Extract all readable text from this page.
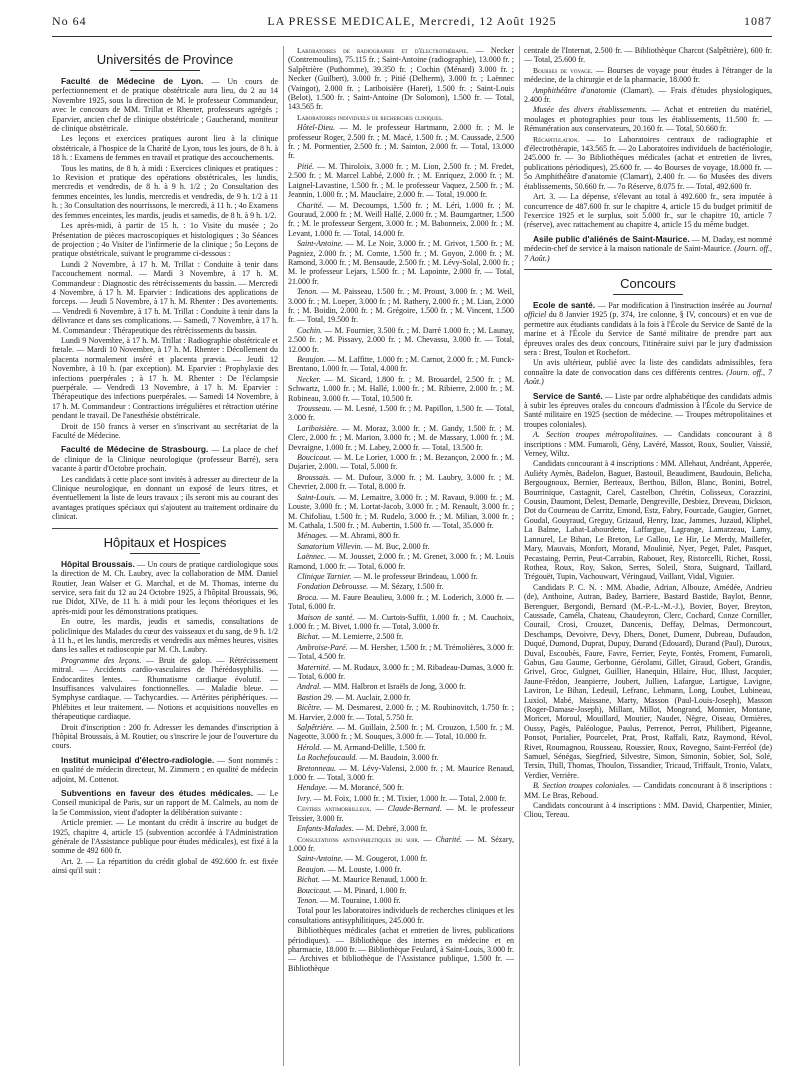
No 64	LA PRESSE MEDICALE, Mercredi, 12 Août 1925	1087
Universités de Province

Faculté de Médecine de Lyon. — Un cours de perfectionnement et de pratique obstétricale aura lieu, du 2 au 14 Novembre 1925, sous la direction de M. le professeur Commandeur, avec le concours de MM. Trillat et Rhenter, professeurs agrégés ; Eparvier, ancien chef de clinique obstétricale ; Gaucherand, moniteur de clinique obstétricale.

Les leçons et exercices pratiques auront lieu à la clinique obstétricale, à l'hospice de la Charité de Lyon, tous les jours, de 8 h. à 18 h. : Examens de femmes en travail et pratique des accouchements.

Tous les matins, de 8 h. à midi : Exercices cliniques et pratiques : 1o Revision et pratique des opérations obstétricales, les lundis, mercredis et vendredis, de 8 h. à 9 h. 1/2 ; 2o Consultation des femmes enceintes, les lundis, mercredis et vendredis, de 9 h. 1/2 à 11 h. ; 3o Consultation des nourrissons, le mercredi, à 11 h. ; 4o Examens des femmes enceintes, les mardis, jeudis et samedis, de 8 h. à 9 h. 1/2.

Les après-midi, à partir de 15 h. : 1o Visite du musée ; 2o Présentation de pièces macroscopiques et histologiques ; 3o Séances de projection ; 4o Visiter de l'infirmerie de la clinique ; 5o Leçons de pratique obstétricale, suivant le programme ci-dessous :

Lundi 2 Novembre, à 17 h. M. Trillat : Conduite à tenir dans l'accouchement normal. — Mardi 3 Novembre, à 17 h. M. Commandeur : Diagnostic des rétrécissements du bassin. — Mercredi 4 Novembre, à 17 h. M. Eparvier : Indications des applications de forceps. — Jeudi 5 Novembre, à 17 h. M. Rhenter : Des avortements. — Vendredi 6 Novembre, à 17 h. M. Trillat : Conduite à tenir dans la délivrance et dans ses complications. — Samedi, 7 Novembre, à 17 h. M. Commandeur : Thérapeutique des rétrécissements du bassin.

Lundi 9 Novembre, à 17 h. M. Trillat : Radiographie obstétricale et fœtale. — Mardi 10 Novembre, à 17 h. M. Rhenter : Décollement du placenta normalement inséré et placenta prævia. — Jeudi 12 Novembre, à 10 h. (par exception). M. Eparvier : Prophylaxie des infections puerpérales ; à 17 h. M. Rhenter : De l'éclampsie puerpérale. — Vendredi 13 Novembre, à 17 h. M. Eparvier : Thérapeutique des infections puerpérales. — Samedi 14 Novembre, à 17 h. M. Commandeur : Contractions irrégulières et rétraction utérine pendant le travail. De l'anesthésie obstétricale.

Droit de 150 francs à verser en s'inscrivant au secrétariat de la Faculté de Médecine.

Faculté de Médecine de Strasbourg. — La place de chef de clinique de la Clinique neurologique (professeur Barré), sera vacante à partir d'Octobre prochain.

Les candidats à cette place sont invités à adresser au directeur de la Clinique neurologique, en donnant un exposé de leurs titres, et éventuellement la liste de leurs travaux ; ils seront mis au courant des avantages pratiques spéciaux qui s'ajoutent au traitement ordinaire du clinicat.

Hôpitaux et Hospices

Hôpital Broussais. — Un cours de pratique cardiologique sous la direction de M. Ch. Laubry, avec la collaboration de MM. Daniel Routier, Jean Walser et G. Marchal, et de M. Thomas, interne du service, sera fait du 12 au 24 Octobre 1925, à l'hôpital Broussais, 96, rue Didot, XIVe, de 11 h. à midi pour les leçons théoriques et les après-midi pour les démonstrations pratiques.

En outre, les mardis, jeudis et samedis, consultations de policlinique des Malades du cœur des vaisseaux et du sang, de 9 h. 1/2 à 11 h., et les lundis, mercredis et vendredis aux mêmes heures, visites dans les salles et radioscopie par M. Ch. Laubry.

Programme des leçons. — Bruit de galop. — Rétrécissement mitral. — Accidents cardio-vasculaires de l'hérédosyphilis. — Endocardites lentes. — Rhumatisme cardiaque évolutif. — Insuffisances valvulaires fonctionnelles. — Maladie bleue. — Symphyse cardiaque. — Tachycardies. — Artérites périphériques. — Phlébites et leur traitement. — Notions et acquisitions nouvelles en thérapeutique cardiaque.

Droit d'inscription : 200 fr. Adresser les demandes d'inscription à l'hôpital Broussais, à M. Routier, ou s'inscrire le jour de l'ouverture du cours.

Institut municipal d'électro-radiologie. — Sont nommés : en qualité de médecin directeur, M. Zimmern ; en qualité de médecin adjoint, M. Cottenot.

Subventions en faveur des études médicales. — Le Conseil municipal de Paris, sur un rapport de M. Calmels, au nom de la 5e Commission, vient d'adopter la délibération suivante :

Article premier. — Le montant du crédit à inscrire au budget de 1925, chapitre 4, article 15 (subvention accordée à l'Administration générale de l'Assistance publique pour études médicales), est fixé à la somme de 492 600 fr.

Art. 2. — La répartition du crédit global de 492.600 fr. est fixée ainsi qu'il suit :

Laboratoires de radiographie et d'électrothérapie. — Necker (Contremoulins), 75.115 fr. ; Saint-Antoine (radiographie), 13.000 fr. ; Salpêtrière (Puthomme), 39.350 fr. ; Cochin (Ménard) 3.000 fr. ; Necker (Guilbert), 3.000 fr. ; Pitié (Delherm), 3.000 fr. ; Laënnec (Vaingot), 2.000 fr. ; Lariboisière (Haret), 1.500 fr. ; Saint-Louis (Belot), 1.500 fr. ; Saint-Antoine (Dr Solomon), 1.500 fr. — Total, 143.565 fr.

Laboratoires individuels de recherches cliniques.

Hôtel-Dieu. — M. le professeur Hartmann, 2.000 fr. ; M. le professeur Roger, 2.500 fr. ; M. Macé, 1.500 fr. ; M. Caussade, 2.500 fr. ; M. Pormentier, 2.500 fr. ; M. Sainton, 2.000 fr. — Total, 13.000 fr.

Pitié. — M. Thiroloix, 3.000 fr. ; M. Lion, 2.500 fr. ; M. Fredet, 2.500 fr. ; M. Marcel Labbé, 2.000 fr. ; M. Enriquez, 2.000 fr. ; M. Laignel-Lavastine, 1.500 fr. ; M. le professeur Vaquez, 2.500 fr. ; M. Jeannin, 1.000 fr. ; M. Mauclaire, 2.000 fr. — Total, 19.000 fr.

Charité. — M. Decoumps, 1.500 fr. ; M. Léri, 1.000 fr. ; M. Gouraud, 2.000 fr. ; M. Weill Hallé, 2.000 fr. ; M. Baumgartner, 1.500 fr. ; M. le professeur Sergent, 3.000 fr. ; M. Babonneix, 2.000 fr. ; M. Levant, 1.000 fr. — Total, 14.000 fr.

Saint-Antoine. — M. Le Noir, 3.000 fr. ; M. Grivot, 1.500 fr. ; M. Pagniez, 2.000 fr. ; M. Comte, 1.500 fr. ; M. Goyon, 2.000 fr. ; M. Ramond, 3.000 fr. ; M. Bensaude, 2.500 fr. ; M. Lévy-Solal, 2.000 fr. ; M. le professeur Lejars, 1.500 fr. ; M. Lapointe, 2.000 fr. — Total, 21.000 fr.

Tenon. — M. Paisseau, 1.500 fr. ; M. Proust, 3.000 fr. ; M. Weil, 3.000 fr. ; M. Loeper, 3.000 fr. ; M. Rathery, 2.000 fr. ; M. Lian, 2.000 fr. ; M. Boidin, 2.000 fr. ; M. Grégoire, 1.500 fr. ; M. Vincent, 1.500 fr. — Total, 19.500 fr.

Cochin. — M. Fournier, 3.500 fr. ; M. Darré 1.000 fr. ; M. Launay, 2.500 fr. ; M. Pissavy, 2.000 fr. ; M. Chevassu, 3.000 fr. — Total, 12.000 fr.

Beaujon. — M. Laffitte, 1.000 fr. ; M. Carnot, 2.000 fr. ; M. Funck-Brentano, 1.000 fr. — Total, 4.000 fr.

Necker. — M. Sicard, 1.800 fr. ; M. Brouardel, 2.500 fr. ; M. Schwartz, 1.000 fr. ; M. Hallé, 1.000 fr. ; M. Ribierre, 2.000 fr. ; M. Robineau, 3.000 fr. — Total, 10.500 fr.

Trousseau. — M. Lesné, 1.500 fr. ; M. Papillon, 1.500 fr. — Total, 3.000 fr.

Lariboisière. — M. Moraz, 3.000 fr. ; M. Gandy, 1.500 fr. ; M. Clerc, 2.000 fr. ; M. Marion, 3.000 fr. ; M. de Massary, 1.000 fr. ; M. Devraigne, 1.000 fr. ; M. Labey, 2.000 fr. — Total, 13.500 fr.

Boucicaut. — M. Le Lorier, 1.000 fr. ; M. Bezançon, 2.000 fr. ; M. Dujarier, 2.000. — Total, 5.000 fr.

Broussais. — M. Dufour, 3.000 fr. ; M. Laubry, 3.000 fr. ; M. Chevrier, 2.000 fr. — Total, 8.000 fr.

Saint-Louis. — M. Lemaitre, 3.000 fr. ; M. Ravaut, 9.000 fr. ; M. Louste, 3.000 fr. ; M. Lortat-Jacob, 3.000 fr. ; M. Renault, 3.000 fr. ; M. Chifoliau, 1.500 fr. ; M. Rudelo, 3.000 fr. ; M. Milian, 3.000 fr. ; M. Cathala, 1.500 fr. ; M. Aubertin, 1.500 fr. — Total, 35.000 fr.

Ménages. — M. Abrami, 800 fr.

Sanatorium Villevin. — M. Buc, 2.000 fr.

Laënnec. — M. Jousset, 2.000 fr. ; M. Grenet, 3.000 fr. ; M. Louis Ramond, 1.000 fr. — Total, 6.000 fr.

Clinique Tarnier. — M. le professeur Brindeau, 1.000 fr.

Fondation Debrousse. — M. Sézary, 1.500 fr.

Broca. — M. Faure Beaulieu, 3.000 fr. ; M. Loderich, 3.000 fr. — Total, 6.000 fr.

Maison de santé. — M. Curtois-Suffit, 1.000 fr. ; M. Cauchoix, 1.000 fr. ; M. Bivet, 1.000 fr. — Total, 3.000 fr.

Bichat. — M. Lemierre, 2.500 fr.

Ambroise-Paré. — M. Hersher, 1.500 fr. ; M. Trémolières, 3.000 fr. — Total, 4.500 fr.

Maternité. — M. Rudaux, 3.000 fr. ; M. Ribadeau-Dumas, 3.000 fr. — Total, 6.000 fr.

Andral. — MM. Halbron et Israëls de Jong, 3.000 fr.

Bastion 29. — M. Auclair, 2.000 fr.

Bicêtre. — M. Desmarest, 2.000 fr. ; M. Roubinovitch, 1.750 fr. ; M. Harvier, 2.000 fr. — Total, 5.750 fr.

Salpêtrière. — M. Guillain, 2.500 fr. ; M. Crouzon, 1.500 fr. ; M. Nageotte, 3.000 fr. ; M. Souques, 3.000 fr. — Total, 10.000 fr.

Hérold. — M. Armand-Delille, 1.500 fr.

La Rochefoucauld. — M. Baudoin, 3.000 fr.

Bretonneau. — M. Lévy-Valensi, 2.000 fr. ; M. Maurice Renaud, 1.000 fr. — Total, 3.000 fr.

Hendaye. — M. Morancé, 500 fr.

Ivry. — M. Foix, 1.000 fr. ; M. Tixier, 1.000 fr. — Total, 2.000 fr.

Centres antimorbilleux. — Claude-Bernard. — M. le professeur Teissier, 3.000 fr.

Enfants-Malades. — M. Debré, 3.000 fr.

Consultations antisyphilitiques du soir. — Charité. — M. Sézary, 1.000 fr.

Saint-Antoine. — M. Gougerot, 1.000 fr.

Beaujon. — M. Louste, 1.000 fr.

Bichat. — M. Maurice Renaud, 1.000 fr.

Boucicaut. — M. Pinard, 1.000 fr.

Tenon. — M. Touraine, 1.000 fr.

Total pour les laboratoires individuels de recherches cliniques et les consultations antisyphilitiques, 245.000 fr.

Bibliothèques médicales (achat et entretien de livres, publications périodiques). — Bibliothèque des internes en médecine et en pharmacie, 18.000 fr. — Bibliothèque Feulard, à Saint-Louis, 3.000 fr. — Archives et bibliothèque de l'Assistance publique, 1.500 fr. — Bibliothèque

centrale de l'Internat, 2.500 fr. — Bibliothèque Charcot (Salpêtrière), 600 fr. — Total, 25.600 fr.

Bourses de voyage. — Bourses de voyage pour études à l'étranger de la médecine, de la chirurgie et de la pharmacie, 18.000 fr.

Amphithéâtre d'anatomie (Clamart). — Frais d'études physiologiques, 2.400 fr.

Musée des divers établissements. — Achat et entretien du matériel, moulages et photographies pour tous les établissements, 11.500 fr. — Rémunération aux conservateurs, 20.160 fr. — Total, 50.660 fr.

Récapitulation. — 1o Laboratoires centraux de radiographie et d'électrothérapie, 143.565 fr. — 2o Laboratoires individuels de bactériologie, 245.000 fr. — 3o Bibliothèques médicales (achat et entretien de livres, publications périodiques), 25.600 fr. — 4o Bourses de voyage, 18.000 fr. — 5o Amphithéâtre d'anatomie (Clamart), 2.400 fr. — 6o Musées des divers établissements, 50.660 fr. — 7o Réserve, 8.075 fr. — Total, 492.600 fr.

Art. 3. — La dépense, s'élevant au total à 492.600 fr., sera imputée à concurrence de 487.600 fr. sur le chapitre 4, article 15 du budget primitif de l'exercice 1925 et le surplus, soit 5.000 fr., sur le chapitre 10, article 7 (réserve), avec rattachement au chapitre 4, article 15 du même budget.

Asile public d'aliénés de Saint-Maurice. — M. Daday, est nommé médecin-chef de service à la maison nationale de Saint-Maurice. (Journ. off., 7 Août.)

Concours

Ecole de santé. — Par modification à l'instruction insérée au Journal officiel du 8 Janvier 1925 (p. 374, 1re colonne, § IV, concours) et en vue de permettre aux étudiants candidats à la fois à l'École du Service de Santé de la marine et à l'École du Service de Santé militaire de prendre part aux épreuves orales des deux concours, l'itinéraire suivi par le jury d'admission sera : Brest, Toulon et Rochefort.

Un avis ultérieur, publié avec la liste des candidats admissibles, fera connaître la date de convocation dans ces différents centres. (Journ. off., 7 Août.)

Service de Santé. — Liste par ordre alphabétique des candidats admis à subir les épreuves orales du concours d'admission à l'École du Service de Santé militaire en 1925 (section de médecine. — Troupes métropolitaines et troupes coloniales).

A. Section troupes métropolitaines. — Candidats concourant à 8 inscriptions : MM. Fumaroli, Gény, Lavéré, Massot, Roux, Soulier, Vaissié, Verney, Wiltz.

Candidats concourant à 4 inscriptions : MM. Allehaut, Andréant, Apperée, Auliéty Aymès, Badelon, Baguet, Bastouil, Beaudiment, Baudouin, Belicha, Bergougnoux, Bernier, Berteaux, Berthou, Billon, Blanc, Bonini, Botrel, Bourrinique, Castagnit, Carel, Castelbon, Chrétin, Colisseux, Corazzini, Cousin, Daumont, Delest, Demarle, Dengreville, Desbiez, Dreveau, Dickson, Dot du Courneau de Carritz, Emond, Estz, Fabry, Fourcade, Gaugier, Gornet, Goudal, Gouyraud, Greguy, Grizaud, Henry, Izac, Jammes, Juzaud, Kliphel, La Balme, Labat-Labourdette, Laffargue, Lagrange, Lamarzeau, Lamy, Lannurel, Le Bihan, Le Breton, Le Gallou, Le Hir, Le Merdy, Maillefer, Mary, Mauvais, Monfort, Morand, Moulinié, Nyer, Peget, Palet, Pasquet, Pecastaing, Perrin, Peut-Carrabin, Rabouet, Rey, Ristorcelli, Richet, Rossi, Rothea, Roux, Roy, Sakon, Serres, Soleil, Stora, Suignard, Taillard, Trégouët, Tupin, Vachouwart, Véringaud, Vaillant, Vidal, Viguier.

Candidats P. C. N. : MM. Abadie, Adrian, Albouze, Amédée, Andrieu (de), Anthoine, Autran, Badey, Barriere, Bastard Bastide, Baylot, Benne, Berenguer, Bergondi, Bernard (M.-P.-L.-M.-J.), Bovier, Boyer, Breyton, Caussade, Caméla, Chateau, Chaudeyron, Clerc, Cochard, Conze Corniller, Courail, Crosi, Crouzet, Dancenis, Deffay, Delmas, Dermoncourt, Deschamps, Devoivre, Devy, Dhers, Donet, Dumenr, Dubreau, Dufaudon, Duqué, Dumond, Duprat, Dupuy, Durand (Edouard), Durand (Paul), Duroux, Duval, Escoubès, Faure, Favre, Ferrier, Feyte, Fontès, Froment, Fumaroli, Gabus, Gau Gaume, Gerbonne, Gérolami, Gillet, Giraud, Gobert, Grandis, Grivel, Groc, Gulgnet, Guillier, Hanequin, Hilaire, Huc, Illust, Jacquier, Jaune-Frédon, Jeanpierre, Joubert, Jullien, Lafargue, Lartigue, Lavigne, Laviron, Le Bihan, Ledeuil, Lefranc, Lehmann, Long, Loubet, Lubineau, Luxiol, Mabé, Maissane, Marty, Masson (Paul-Louis-Joseph), Masson (Roger-Damase-Joseph), Millant, Millot, Mongrand, Monnier, Montane, Moricet, Moroul, Mouillard, Moutier, Naudet, Nègre, Oiseau, Ormières, Oussy, Pagès, Paléologue, Paulus, Perrenot, Perrot, Philibert, Pigeanne, Ponsot, Portalier, Pourcelet, Prat, Prost, Raffali, Ratz, Raymond, Révol, Rivet, Roumagnou, Rousseau, Roussier, Roux, Rovegno, Saint-Ferréol (de) Samuel, Sénégas, Siegfried, Silvestre, Simon, Simonin, Sobier, Sol, Solé, Tersin, Thill, Thomas, Thoulon, Tissandier, Tricaud, Triffault, Tronio, Valatx, Verdier, Verrière.

B. Section troupes coloniales. — Candidats concourant à 8 inscriptions : MM. Le Bras, Reboud.

Candidats concourant à 4 inscriptions : MM. David, Charpentier, Minier, Cliou, Tereau.
